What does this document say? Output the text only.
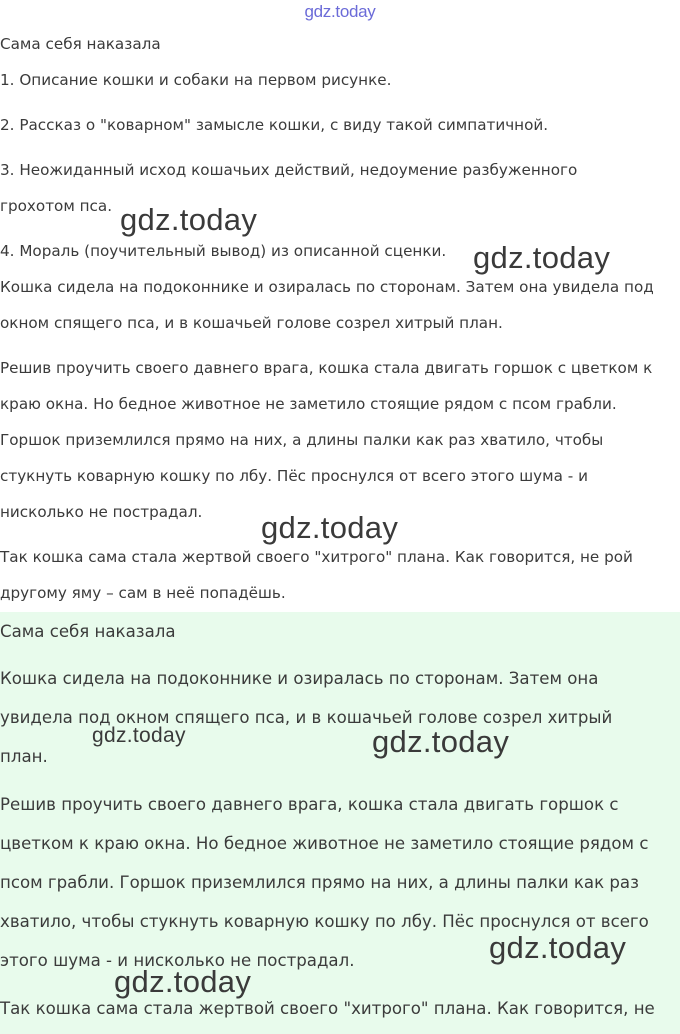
gdz.today

Сама себя наказала

1. Описание кошки и собаки на первом рисунке.

2. Рассказ о "коварном" замысле кошки, с виду такой симпатичной.

3. Неожиданный исход кошачьих действий, недоумение разбуженного грохотом пса.

4. Мораль (поучительный вывод) из описанной сценки.

Кошка сидела на подоконнике и озиралась по сторонам. Затем она увидела под окном спящего пса, и в кошачьей голове созрел хитрый план.

Решив проучить своего давнего врага, кошка стала двигать горшок с цветком к краю окна. Но бедное животное не заметило стоящие рядом с псом грабли. Горшок приземлился прямо на них, а длины палки как раз хватило, чтобы стукнуть коварную кошку по лбу. Пёс проснулся от всего этого шума - и нисколько не пострадал.

Так кошка сама стала жертвой своего "хитрого" плана. Как говорится, не рой другому яму – сам в неё попадёшь.

Сама себя наказала

Кошка сидела на подоконнике и озиралась по сторонам. Затем она увидела под окном спящего пса, и в кошачьей голове созрел хитрый план.

Решив проучить своего давнего врага, кошка стала двигать горшок с цветком к краю окна. Но бедное животное не заметило стоящие рядом с псом грабли. Горшок приземлился прямо на них, а длины палки как раз хватило, чтобы стукнуть коварную кошку по лбу. Пёс проснулся от всего этого шума - и нисколько не пострадал.

Так кошка сама стала жертвой своего "хитрого" плана. Как говорится, не

gdz.today
gdz.today
gdz.today
gdz.today	gdz.today
gdz.today
gdz.today
